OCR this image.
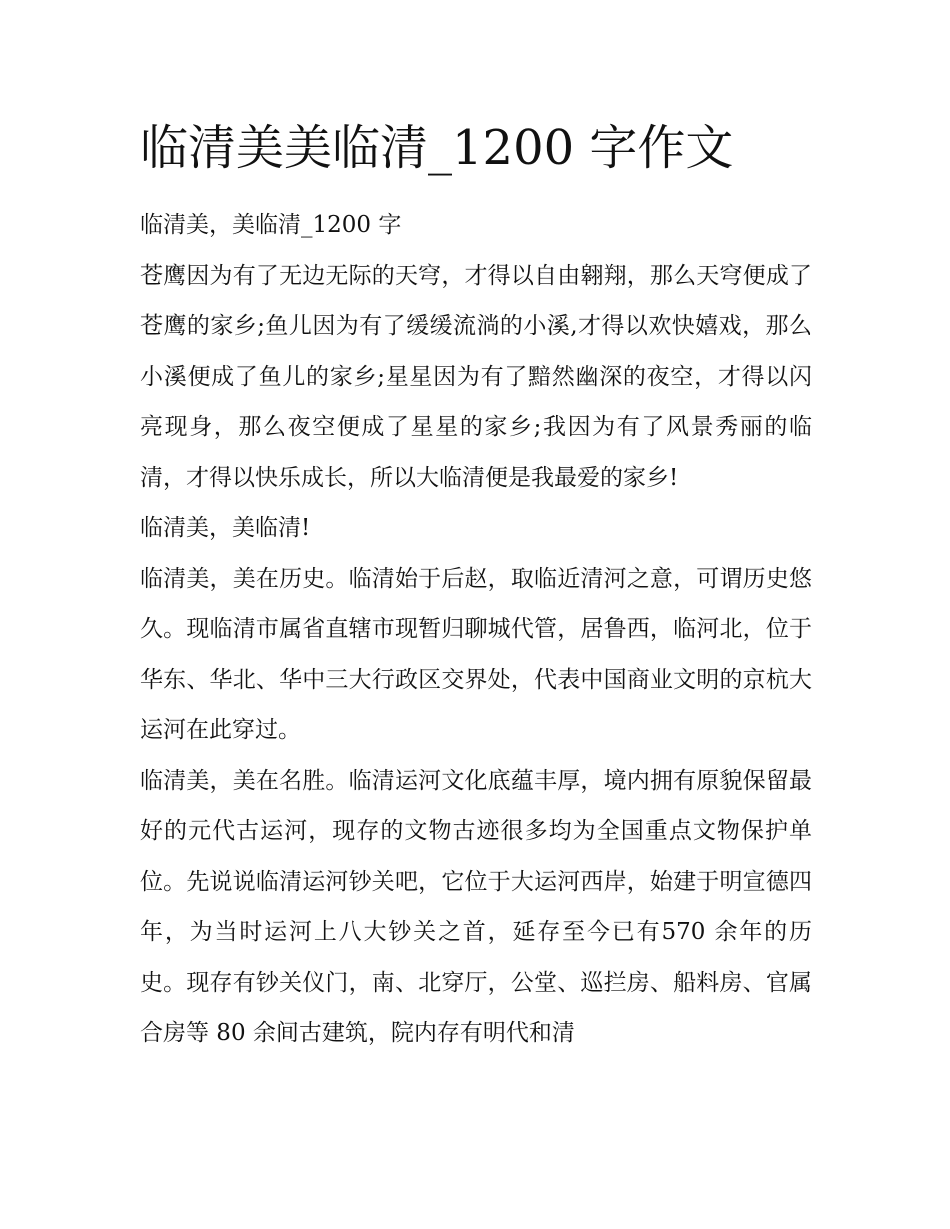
临清美美临清_1200 字作文

临清美，美临清_1200 字

苍鹰因为有了无边无际的天穹，才得以自由翱翔，那么天穹便成了苍鹰的家乡;鱼儿因为有了缓缓流淌的小溪,才得以欢快嬉戏，那么小溪便成了鱼儿的家乡;星星因为有了黯然幽深的夜空，才得以闪亮现身，那么夜空便成了星星的家乡;我因为有了风景秀丽的临清，才得以快乐成长，所以大临清便是我最爱的家乡!

临清美，美临清!

临清美，美在历史。临清始于后赵，取临近清河之意，可谓历史悠久。现临清市属省直辖市现暂归聊城代管，居鲁西，临河北，位于华东、华北、华中三大行政区交界处，代表中国商业文明的京杭大运河在此穿过。

临清美，美在名胜。临清运河文化底蕴丰厚，境内拥有原貌保留最好的元代古运河，现存的文物古迹很多均为全国重点文物保护单位。先说说临清运河钞关吧，它位于大运河西岸，始建于明宣德四年，为当时运河上八大钞关之首，延存至今已有570 余年的历史。现存有钞关仪门，南、北穿厅，公堂、巡拦房、船料房、官属合房等 80 余间古建筑，院内存有明代和清
